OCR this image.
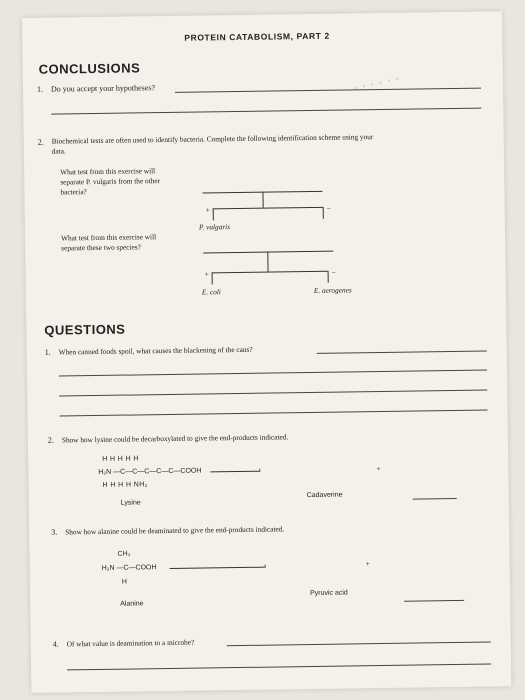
· · · · · ·
PROTEIN CATABOLISM, PART 2
CONCLUSIONS
1. Do you accept your hypotheses?
2. Biochemical tests are often used to identify bacteria. Complete the following identification scheme using your
data.
What test from this exercise will
separate P. vulgaris from the other
bacteria?
+	−
P. vulgaris
What test from this exercise will
separate these two species?
+	−
E. coli	E. aerogenes
QUESTIONS
1. When canned foods spoil, what causes the blackening of the cans?
2. Show how lysine could be decarboxylated to give the end-products indicated.
H H H H H
H₂N —C—C—C—C—C—COOH
H H H H NH₂
›	+
Lysine
Cadaverine
3. Show how alanine could be deaminated to give the end-products indicated.
CH₃
H₂N —C—COOH
H
›	+
Alanine
Pyruvic acid
4. Of what value is deamination to a microbe?
